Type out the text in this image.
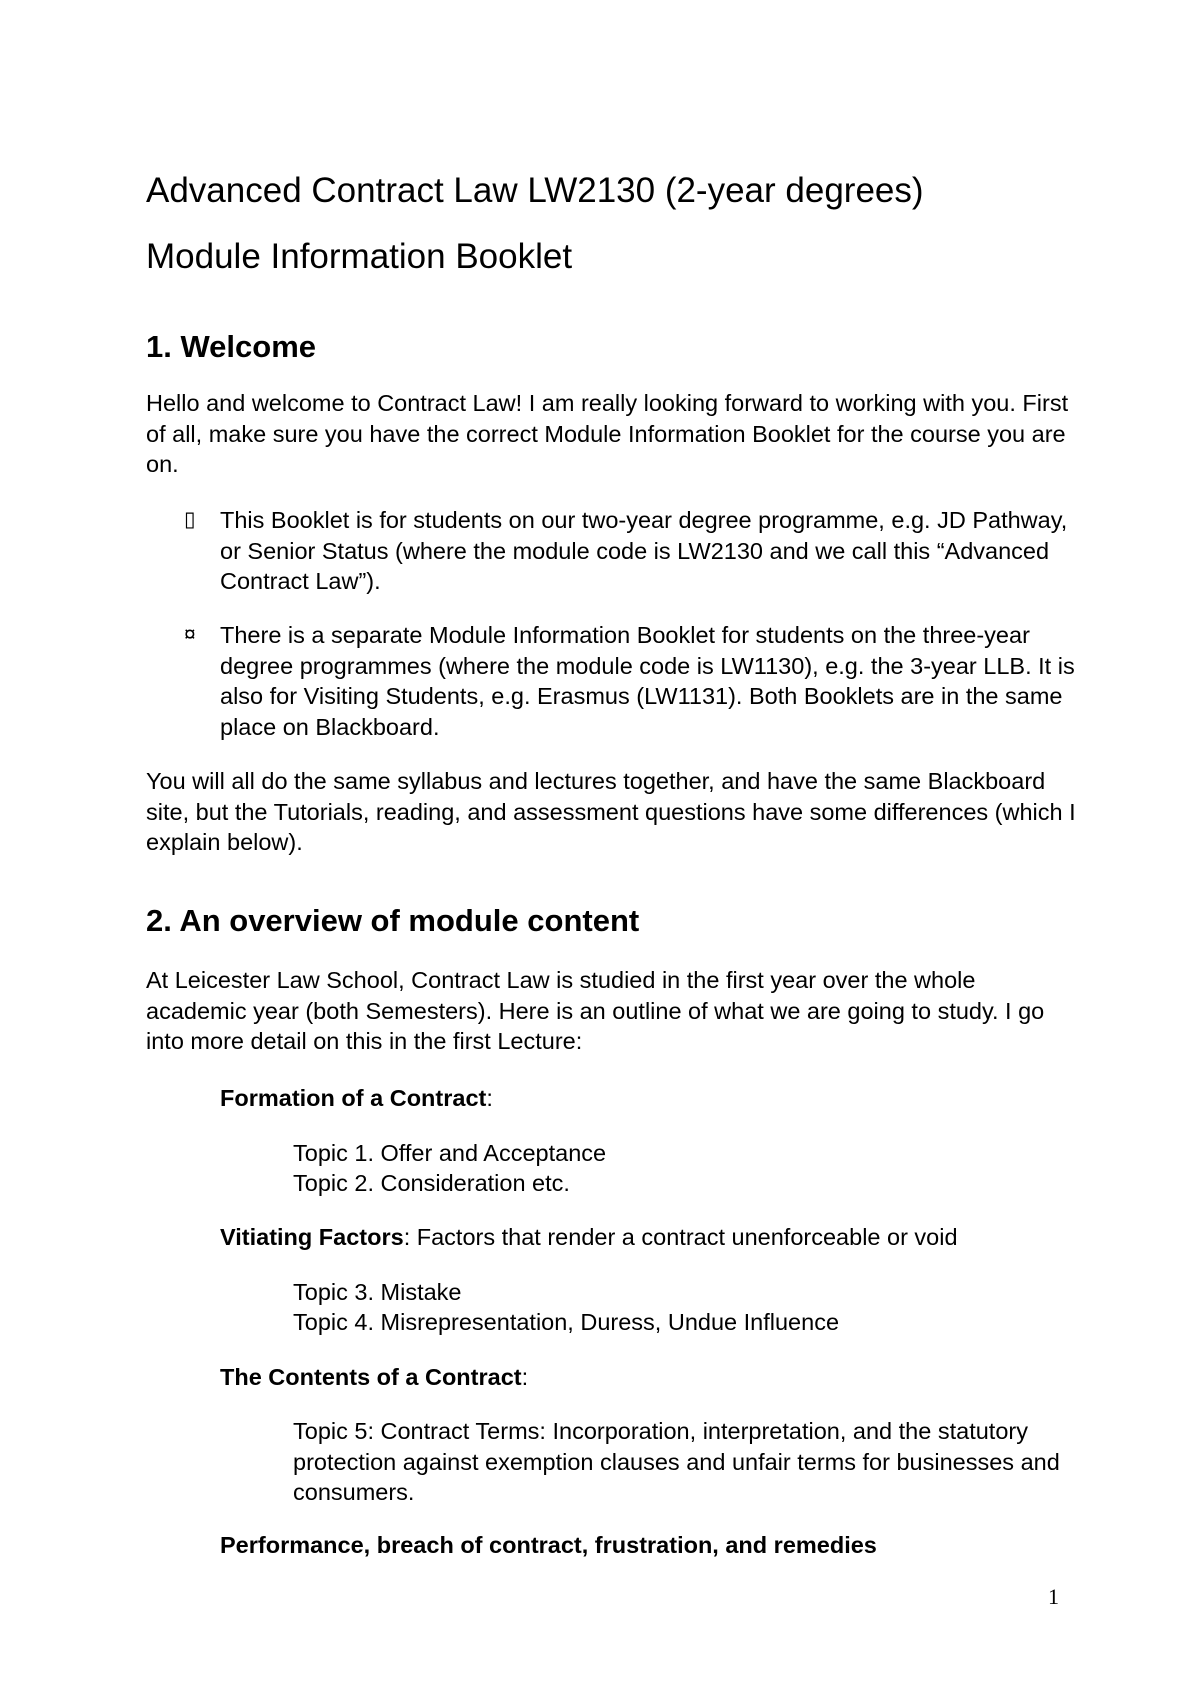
Advanced Contract Law LW2130 (2-year degrees)
Module Information Booklet
1. Welcome

Hello and welcome to Contract Law! I am really looking forward to working with you. First of all, make sure you have the correct Module Information Booklet for the course you are on.

▯	This Booklet is for students on our two-year degree programme, e.g. JD Pathway, or Senior Status (where the module code is LW2130 and we call this “Advanced Contract Law”).

¤	There is a separate Module Information Booklet for students on the three-year degree programmes (where the module code is LW1130), e.g. the 3-year LLB. It is also for Visiting Students, e.g. Erasmus (LW1131). Both Booklets are in the same place on Blackboard.

You will all do the same syllabus and lectures together, and have the same Blackboard site, but the Tutorials, reading, and assessment questions have some differences (which I explain below).

2. An overview of module content

At Leicester Law School, Contract Law is studied in the first year over the whole academic year (both Semesters). Here is an outline of what we are going to study. I go into more detail on this in the first Lecture:

Formation of a Contract:

Topic 1. Offer and Acceptance

Topic 2. Consideration etc.

Vitiating Factors: Factors that render a contract unenforceable or void

Topic 3. Mistake

Topic 4. Misrepresentation, Duress, Undue Influence

The Contents of a Contract:

Topic 5: Contract Terms: Incorporation, interpretation, and the statutory protection against exemption clauses and unfair terms for businesses and consumers.

Performance, breach of contract, frustration, and remedies

1
